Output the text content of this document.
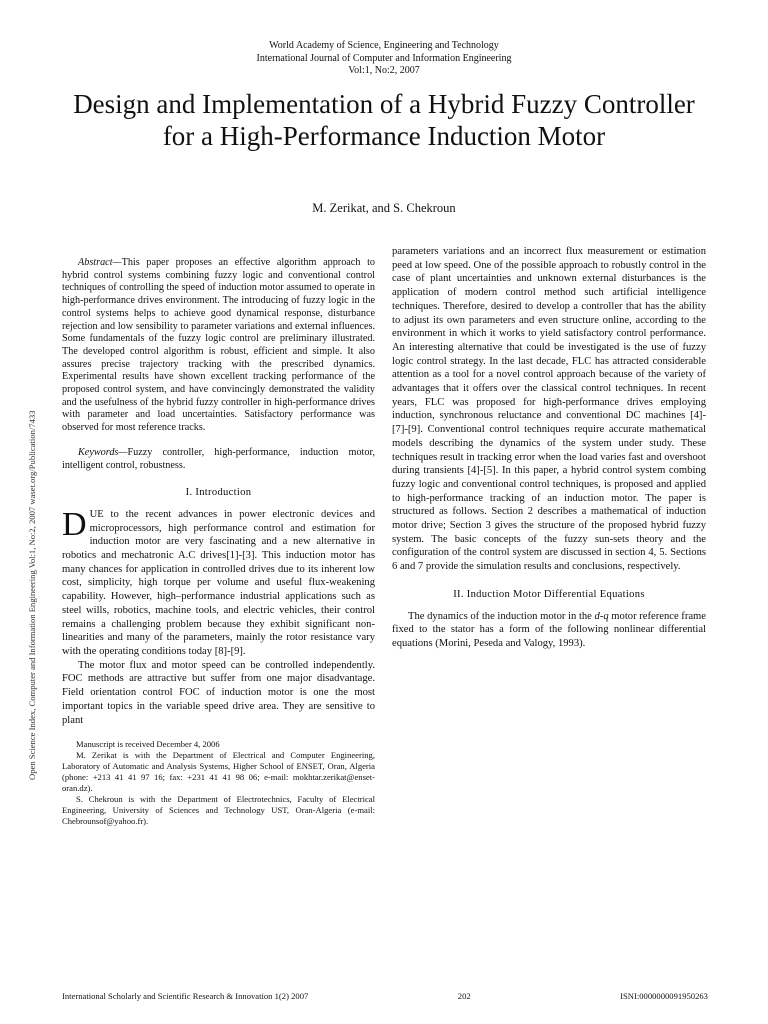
World Academy of Science, Engineering and Technology
International Journal of Computer and Information Engineering
Vol:1, No:2, 2007
Design and Implementation of a Hybrid Fuzzy Controller for a High-Performance Induction Motor
M. Zerikat, and S. Chekroun
Open Science Index, Computer and Information Engineering Vol:1, No:2, 2007 waset.org/Publication/7433

Abstract—This paper proposes an effective algorithm approach to hybrid control systems combining fuzzy logic and conventional control techniques of controlling the speed of induction motor assumed to operate in high-performance drives environment. The introducing of fuzzy logic in the control systems helps to achieve good dynamical response, disturbance rejection and low sensibility to parameter variations and external influences. Some fundamentals of the fuzzy logic control are preliminary illustrated. The developed control algorithm is robust, efficient and simple. It also assures precise trajectory tracking with the prescribed dynamics. Experimental results have shown excellent tracking performance of the proposed control system, and have convincingly demonstrated the validity and the usefulness of the hybrid fuzzy controller in high-performance drives with parameter and load uncertainties. Satisfactory performance was observed for most reference tracks.

Keywords—Fuzzy controller, high-performance, induction motor, intelligent control, robustness.

I. Introduction

DUE to the recent advances in power electronic devices and microprocessors, high performance control and estimation for induction motor are very fascinating and a new alternative in robotics and mechatronic A.C drives[1]-[3]. This induction motor has many chances for application in controlled drives due to its inherent low cost, simplicity, high torque per volume and useful flux-weakening capability. However, high–performance industrial applications such as steel wills, robotics, machine tools, and electric vehicles, their control remains a challenging problem because they exhibit significant non-linearities and many of the parameters, mainly the rotor resistance vary with the operating conditions today [8]-[9].

The motor flux and motor speed can be controlled independently. FOC methods are attractive but suffer from one major disadvantage. Field orientation control FOC of induction motor is one the most important topics in the variable speed drive area. They are sensitive to plant

Manuscript is received December 4, 2006

M. Zerikat is with the Department of Electrical and Computer Engineering, Laboratory of Automatic and Analysis Systems, Higher School of ENSET, Oran, Algeria (phone: +213 41 41 97 16; fax: +231 41 41 98 06; e-mail: mokhtar.zerikat@enset-oran.dz).

S. Chekroun is with the Department of Electrotechnics, Faculty of Electrical Engineering, University of Sciences and Technology UST, Oran-Algeria (e-mail: Chebrounsof@yahoo.fr).

parameters variations and an incorrect flux measurement or estimation peed at low speed. One of the possible approach to robustly control in the case of plant uncertainties and unknown external disturbances is the application of modern control method such artificial intelligence techniques. Therefore, desired to develop a controller that has the ability to adjust its own parameters and even structure online, according to the environment in which it works to yield satisfactory control performance. An interesting alternative that could be investigated is the use of fuzzy logic control strategy. In the last decade, FLC has attracted considerable attention as a tool for a novel control approach because of the variety of advantages that it offers over the classical control techniques. In recent years, FLC was proposed for high-performance drives employing induction, synchronous reluctance and conventional DC machines [4]-[7]-[9]. Conventional control techniques require accurate mathematical models describing the dynamics of the system under study. These techniques result in tracking error when the load varies fast and overshoot during transients [4]-[5]. In this paper, a hybrid control system combing fuzzy logic and conventional control techniques, is proposed and applied to high-performance tracking of an induction motor. The paper is structured as follows. Section 2 describes a mathematical of induction motor drive; Section 3 gives the structure of the proposed hybrid fuzzy system. The basic concepts of the fuzzy sun-sets theory and the configuration of the control system are discussed in section 4, 5. Sections 6 and 7 provide the simulation results and conclusions, respectively.

II. Induction Motor Differential Equations

The dynamics of the induction motor in the d-q motor reference frame fixed to the stator has a form of the following nonlinear differential equations (Morini, Peseda and Valogy, 1993).

International Scholarly and Scientific Research & Innovation 1(2) 2007	202	ISNI:0000000091950263
